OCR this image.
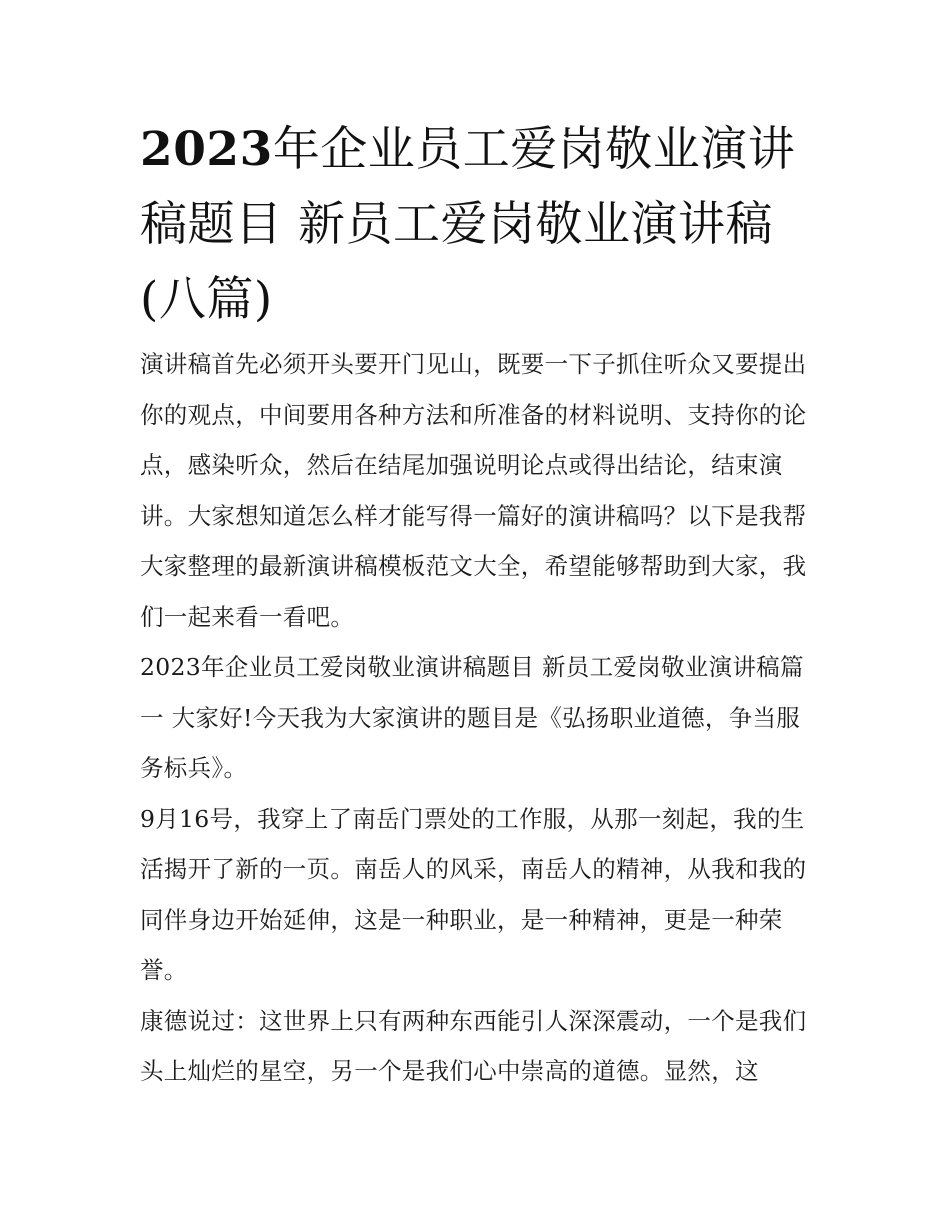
2023年企业员工爱岗敬业演讲稿题目 新员工爱岗敬业演讲稿(八篇)

演讲稿首先必须开头要开门见山，既要一下子抓住听众又要提出你的观点，中间要用各种方法和所准备的材料说明、支持你的论点，感染听众，然后在结尾加强说明论点或得出结论，结束演讲。大家想知道怎么样才能写得一篇好的演讲稿吗？以下是我帮大家整理的最新演讲稿模板范文大全，希望能够帮助到大家，我们一起来看一看吧。

2023年企业员工爱岗敬业演讲稿题目 新员工爱岗敬业演讲稿篇一 大家好!今天我为大家演讲的题目是《弘扬职业道德，争当服务标兵》。

9月16号，我穿上了南岳门票处的工作服，从那一刻起，我的生活揭开了新的一页。南岳人的风采，南岳人的精神，从我和我的同伴身边开始延伸，这是一种职业，是一种精神，更是一种荣誉。

康德说过：这世界上只有两种东西能引人深深震动，一个是我们头上灿烂的星空，另一个是我们心中崇高的道德。显然，这
